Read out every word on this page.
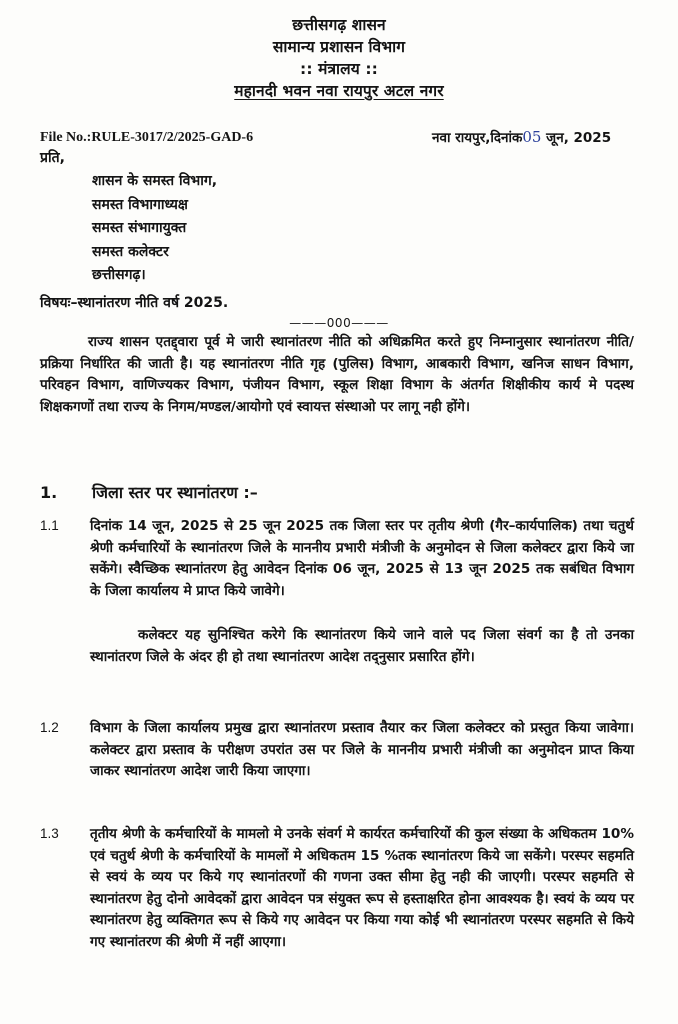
छत्तीसगढ़ शासन
सामान्य प्रशासन विभाग
:: मंत्रालय ::
महानदी भवन नवा रायपुर अटल नगर
File No.:RULE-3017/2/2025-GAD-6	नवा रायपुर,दिनांक05 जून, 2025
प्रति,
शासन के समस्त विभाग,
समस्त विभागाध्यक्ष
समस्त संभागायुक्त
समस्त कलेक्टर
छत्तीसगढ़।
विषयः–स्थानांतरण नीति वर्ष 2025.
———000———
राज्य शासन एतद्द्वारा पूर्व मे जारी स्थानांतरण नीति को अधिक्रमित करते हुए निम्नानुसार स्थानांतरण नीति/प्रक्रिया निर्धारित की जाती है। यह स्थानांतरण नीति गृह (पुलिस) विभाग, आबकारी विभाग, खनिज साधन विभाग, परिवहन विभाग, वाणिज्यकर विभाग, पंजीयन विभाग, स्कूल शिक्षा विभाग के अंतर्गत शिक्षीकीय कार्य मे पदस्थ शिक्षकगणों तथा राज्य के निगम/मण्डल/आयोगो एवं स्वायत्त संस्थाओ पर लागू नही होंगे।
1. जिला स्तर पर स्थानांतरण :–
1.1 दिनांक 14 जून, 2025 से 25 जून 2025 तक जिला स्तर पर तृतीय श्रेणी (गैर–कार्यपालिक) तथा चतुर्थ श्रेणी कर्मचारियों के स्थानांतरण जिले के माननीय प्रभारी मंत्रीजी के अनुमोदन से जिला कलेक्टर द्वारा किये जा सकेंगे। स्वैच्छिक स्थानांतरण हेतु आवेदन दिनांक 06 जून, 2025 से 13 जून 2025 तक सबंधित विभाग के जिला कार्यालय मे प्राप्त किये जावेगे।
कलेक्टर यह सुनिश्चित करेगे कि स्थानांतरण किये जाने वाले पद जिला संवर्ग का है तो उनका स्थानांतरण जिले के अंदर ही हो तथा स्थानांतरण आदेश तद्नुसार प्रसारित होंगे।
1.2 विभाग के जिला कार्यालय प्रमुख द्वारा स्थानांतरण प्रस्ताव तैयार कर जिला कलेक्टर को प्रस्तुत किया जावेगा। कलेक्टर द्वारा प्रस्ताव के परीक्षण उपरांत उस पर जिले के माननीय प्रभारी मंत्रीजी का अनुमोदन प्राप्त किया जाकर स्थानांतरण आदेश जारी किया जाएगा।
1.3 तृतीय श्रेणी के कर्मचारियों के मामलो मे उनके संवर्ग मे कार्यरत कर्मचारियों की कुल संख्या के अधिकतम 10% एवं चतुर्थ श्रेणी के कर्मचारियों के मामलों मे अधिकतम 15 %तक स्थानांतरण किये जा सकेंगे। परस्पर सहमति से स्वयं के व्यय पर किये गए स्थानांतरणों की गणना उक्त सीमा हेतु नही की जाएगी। परस्पर सहमति से स्थानांतरण हेतु दोनो आवेदकों द्वारा आवेदन पत्र संयुक्त रूप से हस्ताक्षरित होना आवश्यक है। स्वयं के व्यय पर स्थानांतरण हेतु व्यक्तिगत रूप से किये गए आवेदन पर किया गया कोई भी स्थानांतरण परस्पर सहमति से किये गए स्थानांतरण की श्रेणी में नहीं आएगा।
